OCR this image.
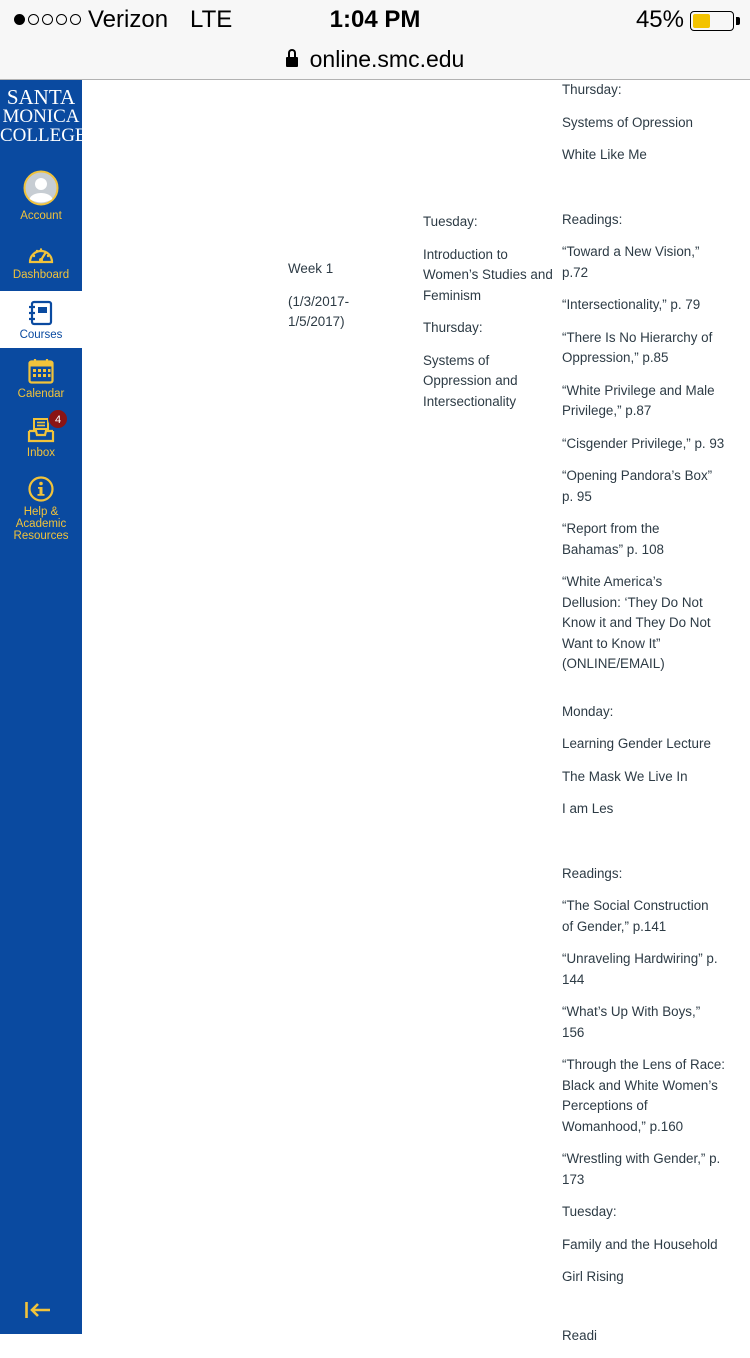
Verizon LTE	1:04 PM	45%
online.smc.edu
SANTA
MONICA
COLLEGE
Account
Dashboard
Courses
Calendar
4
Inbox
Help &
Academic
Resources

Thursday:

Systems of Opression

White Like Me

Readings:

“Toward a New Vision,”
p.72

“Intersectionality,” p. 79

“There Is No Hierarchy of
Oppression,” p.85

“White Privilege and Male
Privilege,” p.87

“Cisgender Privilege,” p. 93

“Opening Pandora’s Box”
p. 95

“Report from the
Bahamas” p. 108

“White America’s
Dellusion: ‘They Do Not
Know it and They Do Not
Want to Know It”
(ONLINE/EMAIL)

Monday:

Learning Gender Lecture

The Mask We Live In

I am Les

Readings:

“The Social Construction
of Gender,” p.141

“Unraveling Hardwiring” p.
144

“What’s Up With Boys,”
156

“Through the Lens of Race:
Black and White Women’s
Perceptions of
Womanhood,” p.160

“Wrestling with Gender,” p.
173

Tuesday:

Family and the Household

Girl Rising

Readi

Tuesday:

Introduction to
Women’s Studies and
Feminism

Thursday:

Systems of
Oppression and
Intersectionality

Week 1

(1/3/2017-
1/5/2017)
